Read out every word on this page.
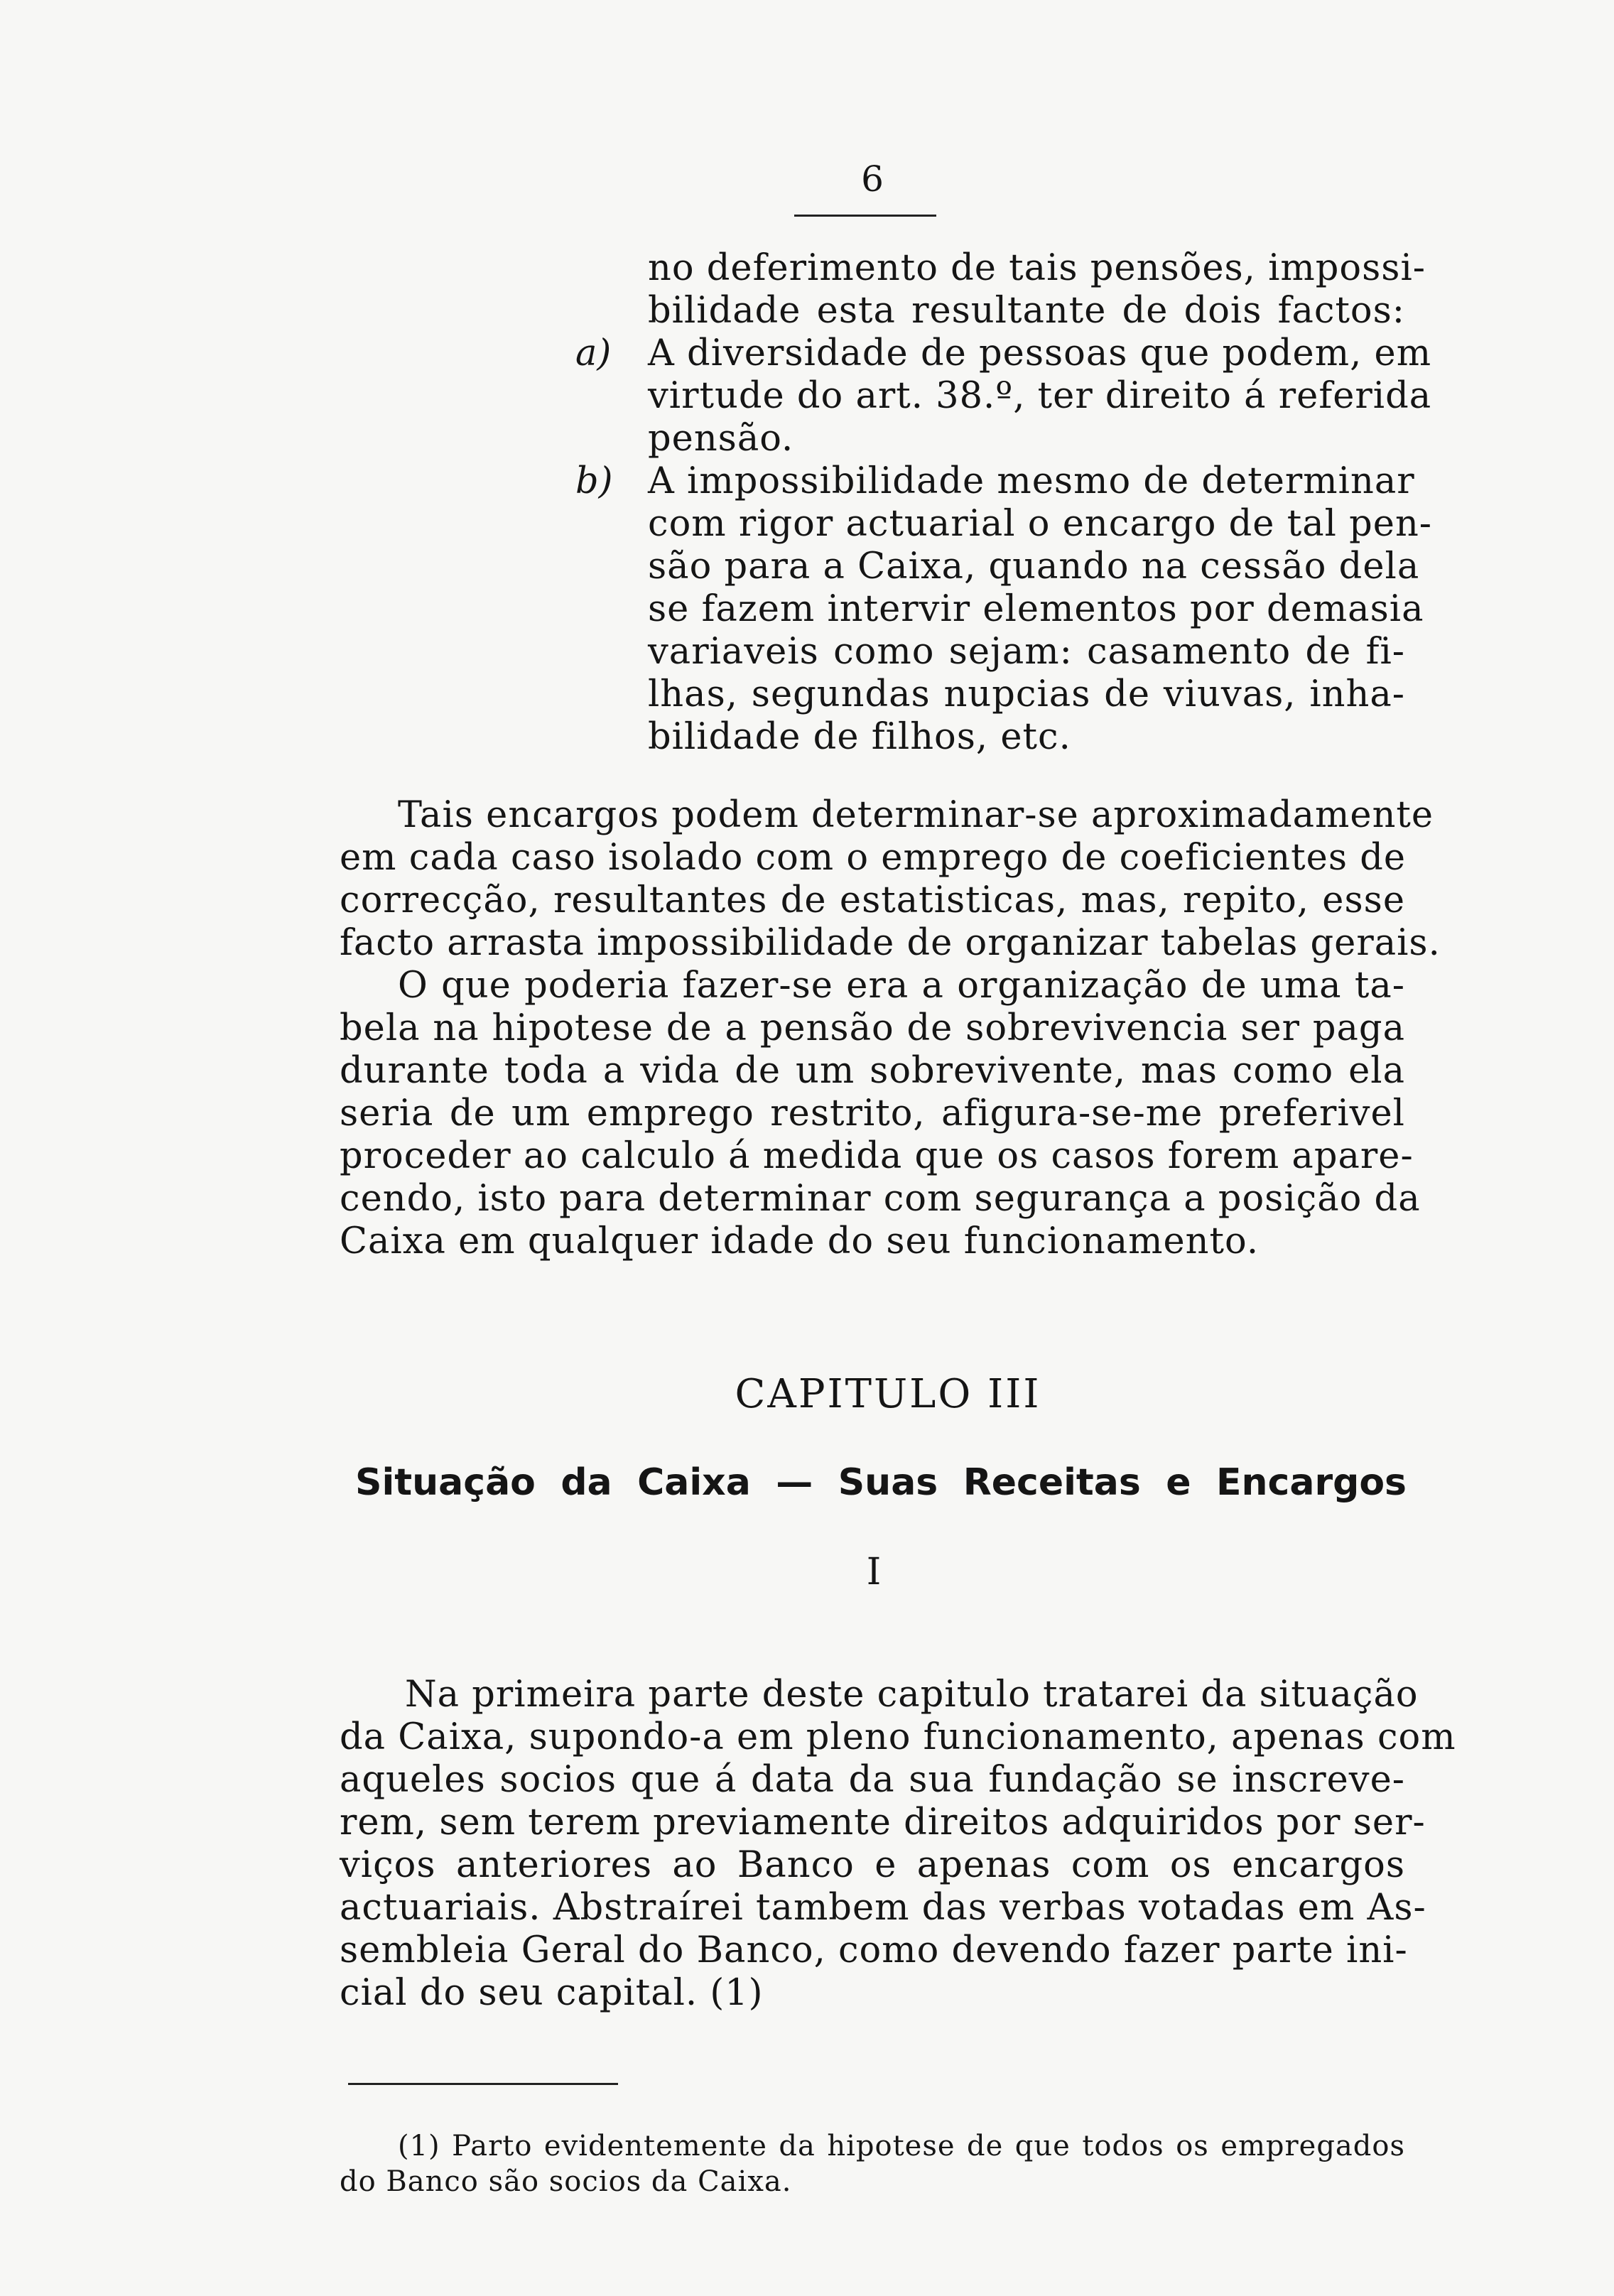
6
no deferimento de tais pensões, impossi-
bilidade esta resultante de dois factos:
a) A diversidade de pessoas que podem, em
virtude do art. 38.º, ter direito á referida
pensão.
b) A impossibilidade mesmo de determinar
com rigor actuarial o encargo de tal pen-
são para a Caixa, quando na cessão dela
se fazem intervir elementos por demasia
variaveis como sejam: casamento de fi-
lhas, segundas nupcias de viuvas, inha-
bilidade de filhos, etc.
Tais encargos podem determinar-se aproximadamente
em cada caso isolado com o emprego de coeficientes de
correcção, resultantes de estatisticas, mas, repito, esse
facto arrasta impossibilidade de organizar tabelas gerais.
O que poderia fazer-se era a organização de uma ta-
bela na hipotese de a pensão de sobrevivencia ser paga
durante toda a vida de um sobrevivente, mas como ela
seria de um emprego restrito, afigura-se-me preferivel
proceder ao calculo á medida que os casos forem apare-
cendo, isto para determinar com segurança a posição da
Caixa em qualquer idade do seu funcionamento.
CAPITULO III
Situação da Caixa — Suas Receitas e Encargos
I
Na primeira parte deste capitulo tratarei da situação
da Caixa, supondo-a em pleno funcionamento, apenas com
aqueles socios que á data da sua fundação se inscreve-
rem, sem terem previamente direitos adquiridos por ser-
viços anteriores ao Banco e apenas com os encargos
actuariais. Abstraírei tambem das verbas votadas em As-
sembleia Geral do Banco, como devendo fazer parte ini-
cial do seu capital. (1)
(1) Parto evidentemente da hipotese de que todos os empregados
do Banco são socios da Caixa.
